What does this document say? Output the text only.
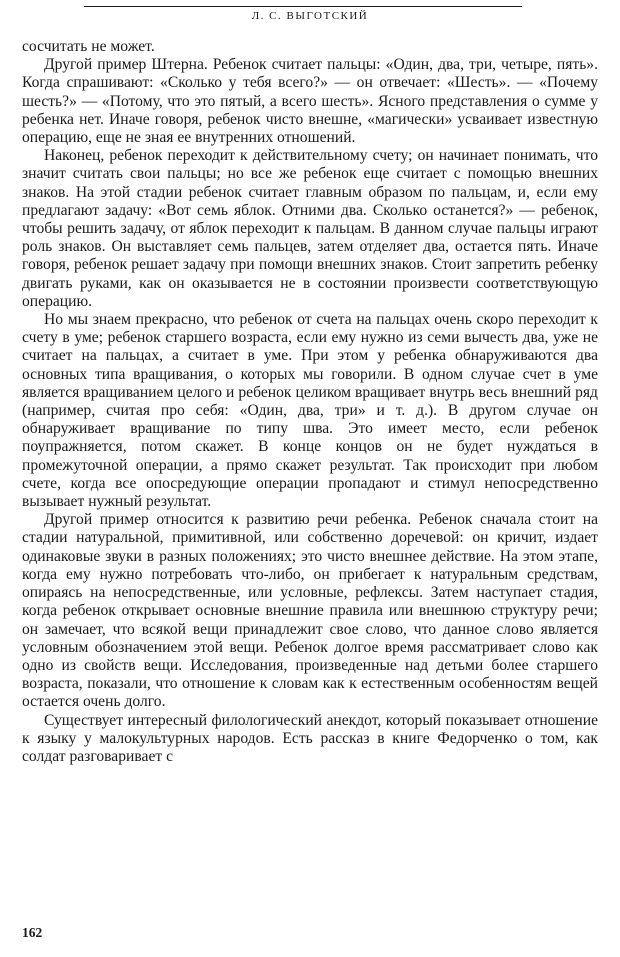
Л. С. ВЫГОТСКИЙ

сосчитать не может.

Другой пример Штерна. Ребенок считает пальцы: «Один, два, три, четыре, пять». Когда спрашивают: «Сколько у тебя всего?» — он отвечает: «Шесть». — «Почему шесть?» — «Потому, что это пятый, а всего шесть». Ясного представления о сумме у ребенка нет. Иначе говоря, ребенок чисто внешне, «магически» усваивает известную операцию, еще не зная ее внутренних отношений.

Наконец, ребенок переходит к действительному счету; он начинает понимать, что значит считать свои пальцы; но все же ребенок еще считает с помощью внешних знаков. На этой стадии ребенок считает главным образом по пальцам, и, если ему предлагают задачу: «Вот семь яблок. Отними два. Сколько останется?» — ребенок, чтобы решить задачу, от яблок переходит к пальцам. В данном случае пальцы играют роль знаков. Он выставляет семь пальцев, затем отделяет два, остается пять. Иначе говоря, ребенок решает задачу при помощи внешних знаков. Стоит запретить ребенку двигать руками, как он оказывается не в состоянии произвести соответствующую операцию.

Но мы знаем прекрасно, что ребенок от счета на пальцах очень скоро переходит к счету в уме; ребенок старшего возраста, если ему нужно из семи вычесть два, уже не считает на пальцах, а считает в уме. При этом у ребенка обнаруживаются два основных типа вращивания, о которых мы говорили. В одном случае счет в уме является вращиванием целого и ребенок целиком вращивает внутрь весь внешний ряд (например, считая про себя: «Один, два, три» и т. д.). В другом случае он обнаруживает вращивание по типу шва. Это имеет место, если ребенок поупражняется, потом скажет. В конце концов он не будет нуждаться в промежуточной операции, а прямо скажет результат. Так происходит при любом счете, когда все опосредующие операции пропадают и стимул непосредственно вызывает нужный результат.

Другой пример относится к развитию речи ребенка. Ребенок сначала стоит на стадии натуральной, примитивной, или собственно доречевой: он кричит, издает одинаковые звуки в разных положениях; это чисто внешнее действие. На этом этапе, когда ему нужно потребовать что-либо, он прибегает к натуральным средствам, опираясь на непосредственные, или условные, рефлексы. Затем наступает стадия, когда ребенок открывает основные внешние правила или внешнюю структуру речи; он замечает, что всякой вещи принадлежит свое слово, что данное слово является условным обозначением этой вещи. Ребенок долгое время рассматривает слово как одно из свойств вещи. Исследования, произведенные над детьми более старшего возраста, показали, что отношение к словам как к естественным особенностям вещей остается очень долго.

Существует интересный филологический анекдот, который показывает отношение к языку у малокультурных народов. Есть рассказ в книге Федорченко о том, как солдат разговаривает с

162
